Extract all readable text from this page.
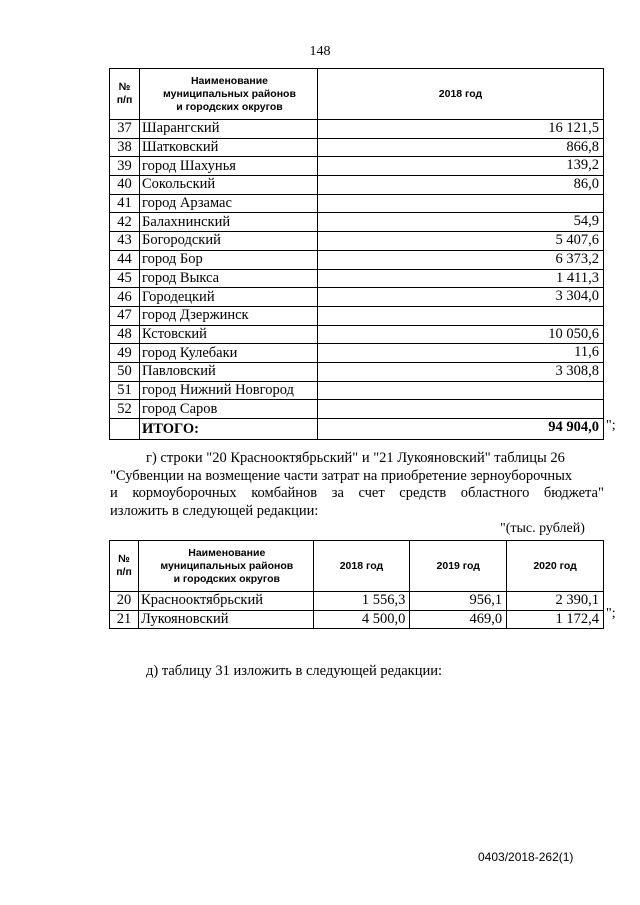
148
№
п/п	Наименование
муниципальных районов
и городских округов	2018 год
37	Шарангский	16 121,5
38	Шатковский	866,8
39	город Шахунья	139,2
40	Сокольский	86,0
41	город Арзамас	
42	Балахнинский	54,9
43	Богородский	5 407,6
44	город Бор	6 373,2
45	город Выкса	1 411,3
46	Городецкий	3 304,0
47	город Дзержинск	
48	Кстовский	10 050,6
49	город Кулебаки	11,6
50	Павловский	3 308,8
51	город Нижний Новгород	
52	город Саров	
	ИТОГО:	94 904,0 ";
г) строки "20 Краснооктябрьский" и "21 Лукояновский" таблицы 26
"Субвенции на возмещение части затрат на приобретение зерноуборочных
и кормоуборочных комбайнов за счет средств областного бюджета"
изложить в следующей редакции:
"(тыс. рублей)
№
п/п	Наименование
муниципальных районов
и городских округов	2018 год	2019 год	2020 год
20	Краснооктябрьский	1 556,3	956,1	2 390,1
21	Лукояновский	4 500,0	469,0	1 172,4 ";
д) таблицу 31 изложить в следующей редакции:
0403/2018-262(1)
